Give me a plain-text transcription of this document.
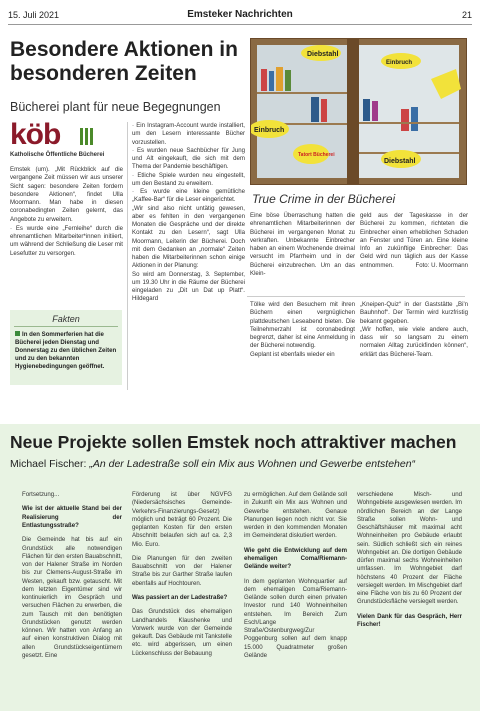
15. Juli 2021	Emsteker Nachrichten	21
Besondere Aktionen in besonderen Zeiten
Bücherei plant für neue Begegnungen
köb
Katholische Öffentliche Bücherei

Emstek (um). „Mit Rückblick auf die vergangene Zeit müssen wir aus unserer Sicht sagen: besondere Zeiten fordern besondere Aktionen“, findet Ulla Moormann. Man habe in diesen coronabedingten Zeiten gelernt, das Angebote zu erweitern.

· Es wurde eine „Fernleihe“ durch die ehrenamtlichen Mitarbeiter*innen initiiert, um während der Schließung die Leser mit Lesefutter zu versorgen.

Fakten
In den Sommerferien hat die Bücherei jeden Dienstag und Donnerstag zu den üblichen Zeiten und zu den bekannten Hygienebedingungen geöffnet.

· Ein Instagram-Account wurde installiert, um den Lesern interessante Bücher vorzustellen.

· Es wurden neue Sachbücher für Jung und Alt eingekauft, die sich mit dem Thema der Pandemie beschäftigen.

· Etliche Spiele wurden neu eingestellt, um den Bestand zu erweitern.

· Es wurde eine kleine gemütliche „Kaffee-Bar“ für die Leser eingerichtet.

„Wir sind also nicht untätig gewesen, aber es fehlten in den vergangenen Monaten die Gespräche und der direkte Kontakt zu den Lesern“, sagt Ulla Moormann, Leiterin der Bücherei. Doch mit dem Gedanken an „normale“ Zeiten haben die Mitarbeiterinnen schon einige Aktionen in der Planung:

So wird am Donnerstag, 3. September, um 19.30 Uhr in die Räume der Bücherei eingeladen zu „Dit un Dat up Platt“. Hildegard

Diebstahl
Einbruch
Tatort Bücherei
Diebstahl
Einbruch
True Crime in der Bücherei

Eine böse Überraschung hatten die ehrenamtlichen Mitarbeiterinnen der Bücherei im vergangenen Monat zu verkraften. Unbekannte Einbrecher haben an einem Wochenende dreimal versucht im Pfarrheim und in der Bücherei einzubrechen. Um an das Klein-

geld aus der Tageskasse in der Bücherei zu kommen, richteten die Einbrecher einen erheblichen Schaden an Fenster und Türen an. Eine kleine Info an zukünftige Einbrecher: Das Geld wird nun täglich aus der Kasse entnommen.	Foto: U. Moormann

Tölke wird den Besuchern mit ihren Büchern einen vergnüglichen plattdeutschen Leseabend bieten. Die Teilnehmerzahl ist coronabedingt begrenzt, daher ist eine Anmeldung in der Bücherei notwendig.

Geplant ist ebenfalls wieder ein

„Kneipen-Quiz“ in der Gaststätte „Bi'n Bauhnhof“. Der Termin wird kurzfristig bekannt gegeben.

„Wir hoffen, wie viele andere auch, dass wir so langsam zu einem normalen Alltag zurückfinden können“, erklärt das Bücherei-Team.

Neue Projekte sollen Emstek noch attraktiver machen
Michael Fischer: „An der Ladestraße soll ein Mix aus Wohnen und Gewerbe entstehen“

Fortsetzung...

Wie ist der aktuelle Stand bei der Realisierung der Entlastungsstraße?

Die Gemeinde hat bis auf ein Grundstück alle notwendigen Flächen für den ersten Bauabschnitt, von der Halener Straße im Norden bis zur Clemens-August-Straße im Westen, gekauft bzw. getauscht. Mit dem letzten Eigentümer sind wir kontinuierlich im Gespräch und versuchen Flächen zu erwerben, die zum Tausch mit den benötigten Grundstücken genutzt werden können. Wir hatten von Anfang an auf einen konstruktiven Dialog mit allen Grundstückseigentümern gesetzt. Eine

Förderung ist über NGVFG (Niedersächsisches Gemeinde-Verkehrs-Finanzierungs-Gesetz) möglich und beträgt 60 Prozent. Die geplanten Kosten für den ersten Abschnitt belaufen sich auf ca. 2,3 Mio. Euro.

Die Planungen für den zweiten Bauabschnitt von der Halener Straße bis zur Garther Straße laufen ebenfalls auf Hochtouren.

Was passiert an der Ladestraße?

Das Grundstück des ehemaligen Landhandels Klaushenke und Vorwerk wurde von der Gemeinde gekauft. Das Gebäude mit Tankstelle etc. wird abgerissen, um einen Lückenschluss der Bebauung

zu ermöglichen. Auf dem Gelände soll in Zukunft ein Mix aus Wohnen und Gewerbe entstehen. Genaue Planungen liegen noch nicht vor. Sie werden in den kommenden Monaten im Gemeinderat diskutiert werden.

Wie geht die Entwicklung auf dem ehemaligen Coma/Riemann-Gelände weiter?

In dem geplanten Wohnquartier auf dem ehemaligen Coma/Riemann-Gelände sollen durch einen privaten Investor rund 140 Wohneinheiten entstehen. Im Bereich Zum Esch/Lange Straße/Ostenburgweg/Zur Poggenburg sollen auf dem knapp 15.000 Quadratmeter großen Gelände

verschiedene Misch- und Wohngebiete ausgewiesen werden. Im nördlichen Bereich an der Lange Straße sollen Wohn- und Geschäftshäuser mit maximal acht Wohneinheiten pro Gebäude erlaubt sein. Südlich schließt sich ein reines Wohngebiet an. Die dortigen Gebäude dürfen maximal sechs Wohneinheiten umfassen. Im Wohngebiet darf höchstens 40 Prozent der Fläche versiegelt werden. Im Mischgebiet darf eine Fläche von bis zu 60 Prozent der Grundstücksfläche versiegelt werden.

Vielen Dank für das Gespräch, Herr Fischer!
